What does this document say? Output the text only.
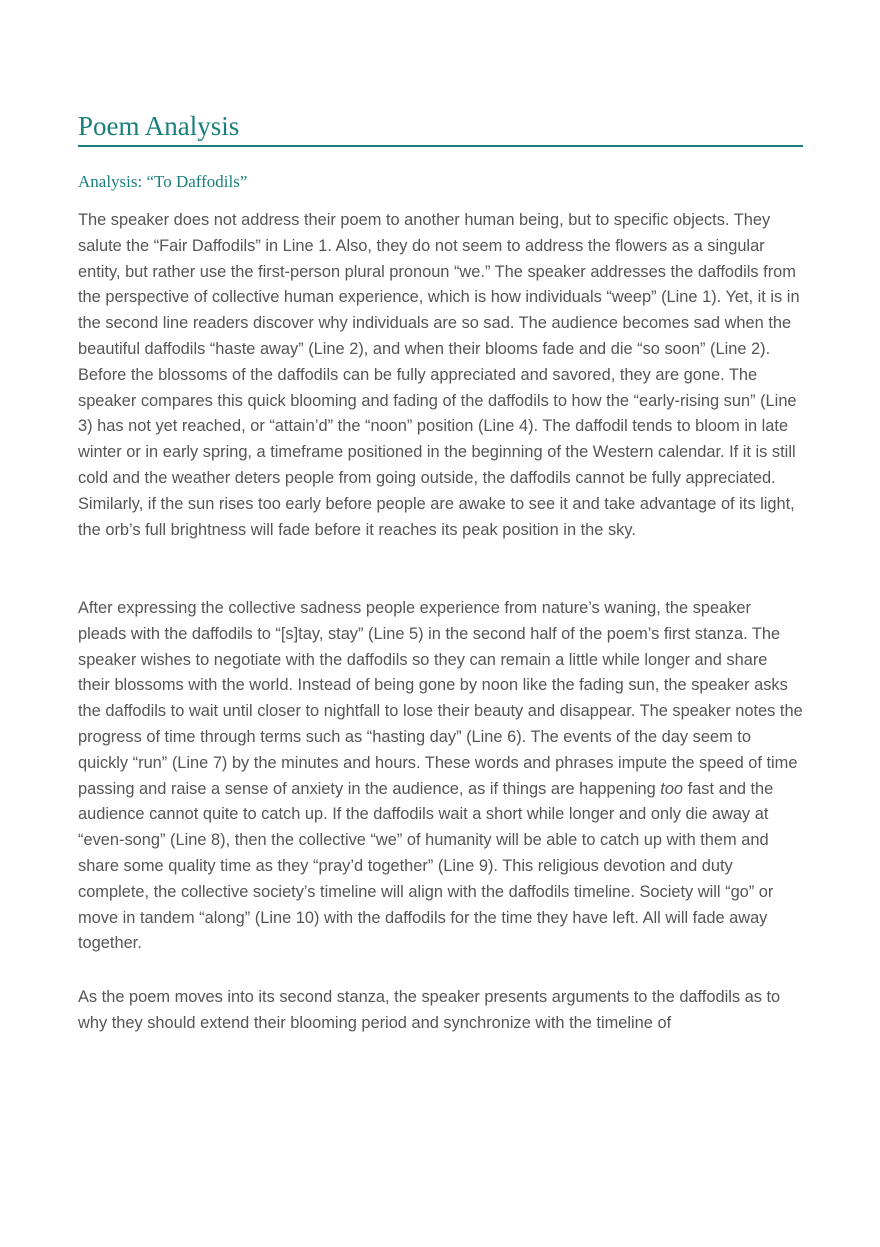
Poem Analysis
Analysis: “To Daffodils”

The speaker does not address their poem to another human being, but to specific objects. They salute the “Fair Daffodils” in Line 1. Also, they do not seem to address the flowers as a singular entity, but rather use the first-person plural pronoun “we.” The speaker addresses the daffodils from the perspective of collective human experience, which is how individuals “weep” (Line 1). Yet, it is in the second line readers discover why individuals are so sad. The audience becomes sad when the beautiful daffodils “haste away” (Line 2), and when their blooms fade and die “so soon” (Line 2). Before the blossoms of the daffodils can be fully appreciated and savored, they are gone. The speaker compares this quick blooming and fading of the daffodils to how the “early-rising sun” (Line 3) has not yet reached, or “attain’d” the “noon” position (Line 4). The daffodil tends to bloom in late winter or in early spring, a timeframe positioned in the beginning of the Western calendar. If it is still cold and the weather deters people from going outside, the daffodils cannot be fully appreciated. Similarly, if the sun rises too early before people are awake to see it and take advantage of its light, the orb’s full brightness will fade before it reaches its peak position in the sky.

After expressing the collective sadness people experience from nature’s waning, the speaker pleads with the daffodils to “[s]tay, stay” (Line 5) in the second half of the poem’s first stanza. The speaker wishes to negotiate with the daffodils so they can remain a little while longer and share their blossoms with the world. Instead of being gone by noon like the fading sun, the speaker asks the daffodils to wait until closer to nightfall to lose their beauty and disappear. The speaker notes the progress of time through terms such as “hasting day” (Line 6). The events of the day seem to quickly “run” (Line 7) by the minutes and hours. These words and phrases impute the speed of time passing and raise a sense of anxiety in the audience, as if things are happening too fast and the audience cannot quite to catch up. If the daffodils wait a short while longer and only die away at “even-song” (Line 8), then the collective “we” of humanity will be able to catch up with them and share some quality time as they “pray’d together” (Line 9). This religious devotion and duty complete, the collective society’s timeline will align with the daffodils timeline. Society will “go” or move in tandem “along” (Line 10) with the daffodils for the time they have left. All will fade away together.

As the poem moves into its second stanza, the speaker presents arguments to the daffodils as to why they should extend their blooming period and synchronize with the timeline of
